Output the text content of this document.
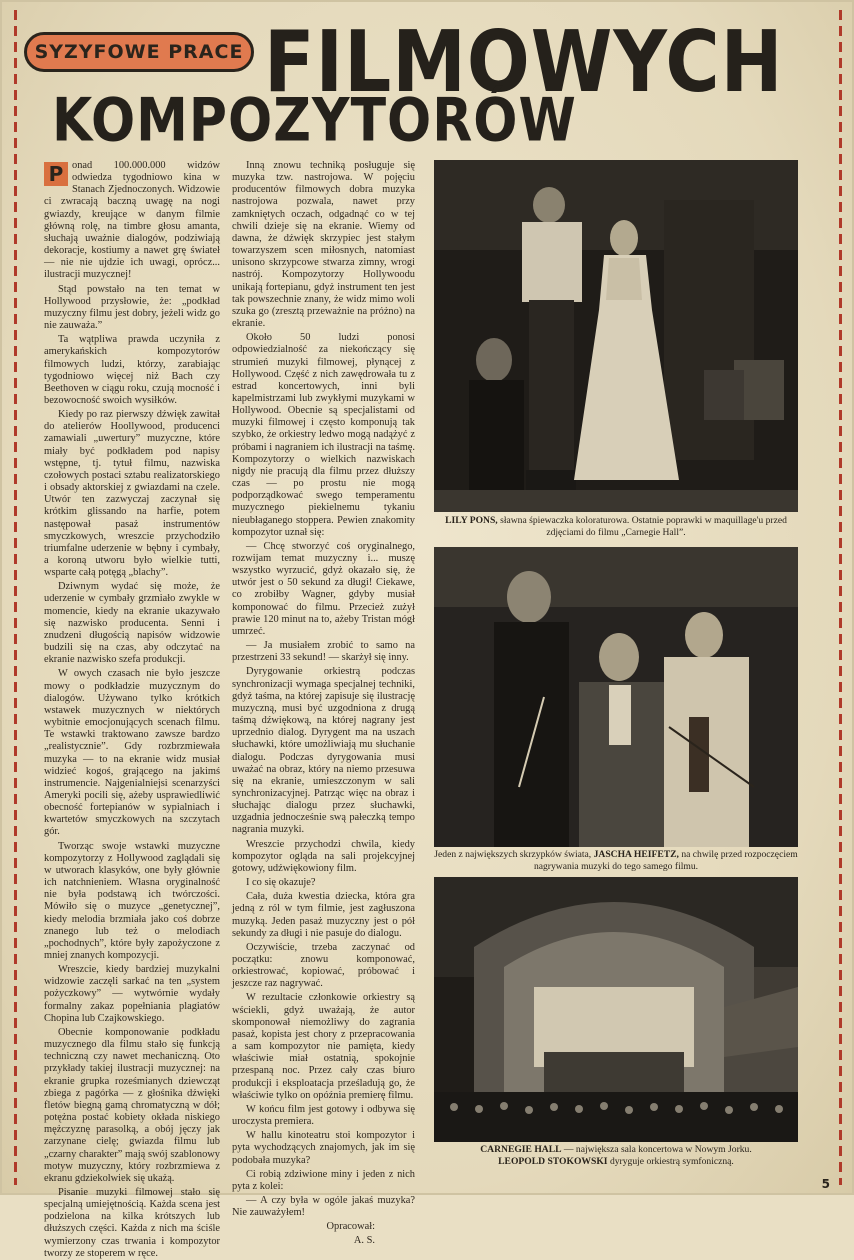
SYZYFOWE PRACE FILMOWYCH
KOMPOZYTORÓW

P onad 100.000.000 widzów odwiedza tygodniowo kina w Stanach Zjednoczonych. Widzowie ci zwracają baczną uwagę na nogi gwiazdy, kreujące w danym filmie główną rolę, na timbre głosu amanta, słuchają uważnie dialogów, podziwiają dekoracje, kostiumy a nawet grę świateł — nie nie ujdzie ich uwagi, oprócz... ilustracji muzycznej!

Stąd powstało na ten temat w Hollywood przysłowie, że: „podkład muzyczny filmu jest dobry, jeżeli widz go nie zauważa.”

Ta wątpliwa prawda uczyniła z amerykańskich kompozytorów filmowych ludzi, którzy, zarabiając tygodniowo więcej niż Bach czy Beethoven w ciągu roku, czują mocność i bezowocność swoich wysiłków.

Kiedy po raz pierwszy dźwięk zawitał do atelierów Hoollywood, producenci zamawiali „uwertury” muzyczne, które miały być podkładem pod napisy wstępne, tj. tytuł filmu, nazwiska czołowych postaci sztabu realizatorskiego i obsady aktorskiej z gwiazdami na czele. Utwór ten zazwyczaj zaczynał się krótkim glissando na harfie, potem następował pasaż instrumentów smyczkowych, wreszcie przychodziło triumfalne uderzenie w bębny i cymbały, a koroną utworu było wielkie tutti, wsparte całą potęgą „blachy”.

Dziwnym wydać się może, że uderzenie w cymbały grzmiało zwykle w momencie, kiedy na ekranie ukazywało się nazwisko producenta. Senni i znudzeni długością napisów widzowie budzili się na czas, aby odczytać na ekranie nazwisko szefa produkcji.

W owych czasach nie było jeszcze mowy o podkładzie muzycznym do dialogów. Używano tylko krótkich wstawek muzycznych w niektórych wybitnie emocjonujących scenach filmu. Te wstawki traktowano zawsze bardzo „realistycznie”. Gdy rozbrzmiewała muzyka — to na ekranie widz musiał widzieć kogoś, grającego na jakimś instrumencie. Najgenialniejsi scenarzyści Ameryki pocili się, ażeby usprawiedliwić obecność fortepianów w sypialniach i kwartetów smyczkowych na szczytach gór.

Tworząc swoje wstawki muzyczne kompozytorzy z Hollywood zaglądali się w utworach klasyków, one były głównie ich natchnieniem. Własna oryginalność nie była podstawą ich twórczości. Mówiło się o muzyce „genetycznej”, kiedy melodia brzmiała jako coś dobrze znanego lub też o melodiach „pochodnych”, które były zapożyczone z mniej znanych kompozycji.

Wreszcie, kiedy bardziej muzykalni widzowie zaczęli sarkać na ten „system pożyczkowy” — wytwórnie wydały formalny zakaz popełniania plagiatów Chopina lub Czajkowskiego.

Obecnie komponowanie podkładu muzycznego dla filmu stało się funkcją techniczną czy nawet mechaniczną. Oto przykłady takiej ilustracji muzycznej: na ekranie grupka roześmianych dziewcząt zbiega z pagórka — z głośnika dźwięki fletów biegną gamą chromatyczną w dół; potężna postać kobiety okłada niskiego mężczyznę parasolką, a obój jęczy jak zarzynane cielę; gwiazda filmu lub „czarny charakter” mają swój szablonowy motyw muzyczny, który rozbrzmiewa z ekranu gdziekolwiek się ukażą.

Pisanie muzyki filmowej stało się specjalną umiejętnością. Każda scena jest podzielona na kilka krótszych lub dłuższych części. Każda z nich ma ściśle wymierzony czas trwania i kompozytor tworzy ze stoperem w ręce.

Inną znowu techniką posługuje się muzyka tzw. nastrojowa. W pojęciu producentów filmowych dobra muzyka nastrojowa pozwala, nawet przy zamkniętych oczach, odgadnąć co w tej chwili dzieje się na ekranie. Wiemy od dawna, że dźwięk skrzypiec jest stałym towarzyszem scen miłosnych, natomiast unisono skrzypcowe stwarza zimny, wrogi nastrój. Kompozytorzy Hollywoodu unikają fortepianu, gdyż instrument ten jest tak powszechnie znany, że widz mimo woli szuka go (zresztą przeważnie na próżno) na ekranie.

Około 50 ludzi ponosi odpowiedzialność za niekończący się strumień muzyki filmowej, płynącej z Hollywood. Część z nich zawędrowała tu z estrad koncertowych, inni byli kapelmistrzami lub zwykłymi muzykami w Hollywood. Obecnie są specjalistami od muzyki filmowej i często komponują tak szybko, że orkiestry ledwo mogą nadążyć z próbami i nagraniem ich ilustracji na taśmę. Kompozytorzy o wielkich nazwiskach nigdy nie pracują dla filmu przez dłuższy czas — po prostu nie mogą podporządkować swego temperamentu muzycznego piekielnemu tykaniu nieubłaganego stoppera. Pewien znakomity kompozytor uznał się:

— Chcę stworzyć coś oryginalnego, rozwijam temat muzyczny i... muszę wszystko wyrzucić, gdyż okazało się, że utwór jest o 50 sekund za długi! Ciekawe, co zrobiłby Wagner, gdyby musiał komponować do filmu. Przecież zużył prawie 120 minut na to, ażeby Tristan mógł umrzeć.

— Ja musiałem zrobić to samo na przestrzeni 33 sekund! — skarżył się inny.

Dyrygowanie orkiestrą podczas synchronizacji wymaga specjalnej techniki, gdyż taśma, na której zapisuje się ilustrację muzyczną, musi być uzgodniona z drugą taśmą dźwiękową, na której nagrany jest uprzednio dialog. Dyrygent ma na uszach słuchawki, które umożliwiają mu słuchanie dialogu. Podczas dyrygowania musi uważać na obraz, który na niemo przesuwa się na ekranie, umieszczonym w sali synchronizacyjnej. Patrząc więc na obraz i słuchając dialogu przez słuchawki, uzgadnia jednocześnie swą pałeczką tempo nagrania muzyki.

Wreszcie przychodzi chwila, kiedy kompozytor ogląda na sali projekcyjnej gotowy, udźwiękowiony film.

I co się okazuje?

Cała, duża kwestia dziecka, która gra jedną z ról w tym filmie, jest zagłuszona muzyką. Jeden pasaż muzyczny jest o pół sekundy za długi i nie pasuje do dialogu.

Oczywiście, trzeba zaczynać od początku: znowu komponować, orkiestrować, kopiować, próbować i jeszcze raz nagrywać.

W rezultacie członkowie orkiestry są wściekli, gdyż uważają, że autor skomponował niemożliwy do zagrania pasaż, kopista jest chory z przepracowania a sam kompozytor nie pamięta, kiedy właściwie miał ostatnią, spokojnie przespaną noc. Przez cały czas biuro produkcji i eksploatacja prześladują go, że właściwie tylko on opóźnia premierę filmu.

W końcu film jest gotowy i odbywa się uroczysta premiera.

W hallu kinoteatru stoi kompozytor i pyta wychodzących znajomych, jak im się podobała muzyka?

Ci robią zdziwione miny i jeden z nich pyta z kolei:

— A czy była w ogóle jakaś muzyka? Nie zauważyłem!

Opracował:

A. S.

LILY PONS, sławna śpiewaczka koloraturowa. Ostatnie poprawki w maquillage'u przed zdjęciami do filmu „Carnegie Hall”.
Jeden z największych skrzypków świata, JASCHA HEIFETZ, na chwilę przed rozpoczęciem nagrywania muzyki do tego samego filmu.
CARNEGIE HALL — największa sala koncertowa w Nowym Jorku.
LEOPOLD STOKOWSKI dyryguje orkiestrą symfoniczną.
5
